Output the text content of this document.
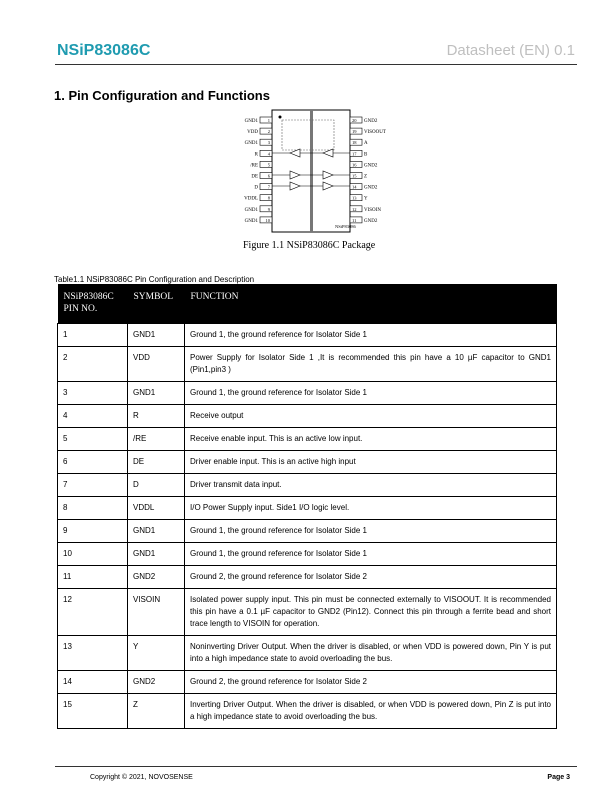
NSiP83086C	Datasheet (EN) 0.1
1. Pin Configuration and Functions
NSiP83086
1
GND1	20 GND2
2
VDD	19 VISOOUT
3
GND1	18 A
4
R	17 B
5
/RE	16 GND2
6
DE	15 Z
7
D	14 GND2
8
VDDL	13 Y
9
GND1	12 VISOIN
10
GND1	11 GND2
Figure 1.1 NSiP83086C Package
Table1.1 NSiP83086C Pin Configuration and Description
NSiP83086C PIN NO.	SYMBOL	FUNCTION
1	GND1	Ground 1, the ground reference for Isolator Side 1
2	VDD	Power Supply for Isolator Side 1 ,It is recommended this pin have a 10 µF capacitor to GND1 (Pin1,pin3 )
3	GND1	Ground 1, the ground reference for Isolator Side 1
4	R	Receive output
5	/RE	Receive enable input. This is an active low input.
6	DE	Driver enable input. This is an active high input
7	D	Driver transmit data input.
8	VDDL	I/O Power Supply input. Side1 I/O logic level.
9	GND1	Ground 1, the ground reference for Isolator Side 1
10	GND1	Ground 1, the ground reference for Isolator Side 1
11	GND2	Ground 2, the ground reference for Isolator Side 2
12	VISOIN	Isolated power supply input. This pin must be connected externally to VISOOUT. It is recommended this pin have a 0.1 µF capacitor to GND2 (Pin12). Connect this pin through a ferrite bead and short trace length to VISOIN for operation.
13	Y	Noninverting Driver Output. When the driver is disabled, or when VDD is powered down, Pin Y is put into a high impedance state to avoid overloading the bus.
14	GND2	Ground 2, the ground reference for Isolator Side 2
15	Z	Inverting Driver Output. When the driver is disabled, or when VDD is powered down, Pin Z is put into a high impedance state to avoid overloading the bus.
Copyright © 2021, NOVOSENSE	Page 3
